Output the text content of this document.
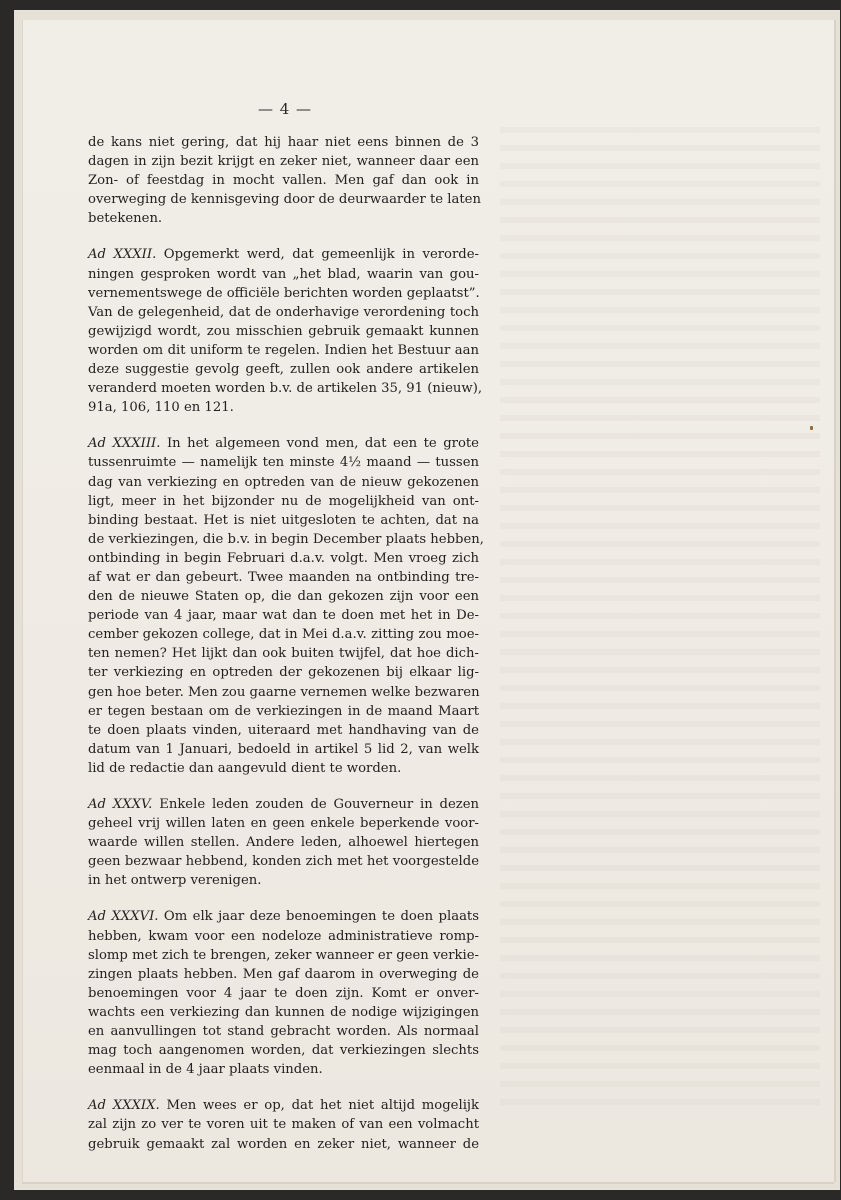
— 4 —

de kans niet gering, dat hij haar niet eens binnen de 3
dagen in zijn bezit krijgt en zeker niet, wanneer daar een
Zon- of feestdag in mocht vallen. Men gaf dan ook in
overweging de kennisgeving door de deurwaarder te laten
betekenen.

Ad XXXII. Opgemerkt werd, dat gemeenlijk in verorde-
ningen gesproken wordt van „het blad, waarin van gou-
vernementswege de officiële berichten worden geplaatst”.
Van de gelegenheid, dat de onderhavige verordening toch
gewijzigd wordt, zou misschien gebruik gemaakt kunnen
worden om dit uniform te regelen. Indien het Bestuur aan
deze suggestie gevolg geeft, zullen ook andere artikelen
veranderd moeten worden b.v. de artikelen 35, 91 (nieuw),
91a, 106, 110 en 121.

Ad XXXIII. In het algemeen vond men, dat een te grote
tussenruimte — namelijk ten minste 4½ maand — tussen
dag van verkiezing en optreden van de nieuw gekozenen
ligt, meer in het bijzonder nu de mogelijkheid van ont-
binding bestaat. Het is niet uitgesloten te achten, dat na
de verkiezingen, die b.v. in begin December plaats hebben,
ontbinding in begin Februari d.a.v. volgt. Men vroeg zich
af wat er dan gebeurt. Twee maanden na ontbinding tre-
den de nieuwe Staten op, die dan gekozen zijn voor een
periode van 4 jaar, maar wat dan te doen met het in De-
cember gekozen college, dat in Mei d.a.v. zitting zou moe-
ten nemen? Het lijkt dan ook buiten twijfel, dat hoe dich-
ter verkiezing en optreden der gekozenen bij elkaar lig-
gen hoe beter. Men zou gaarne vernemen welke bezwaren
er tegen bestaan om de verkiezingen in de maand Maart
te doen plaats vinden, uiteraard met handhaving van de
datum van 1 Januari, bedoeld in artikel 5 lid 2, van welk
lid de redactie dan aangevuld dient te worden.

Ad XXXV. Enkele leden zouden de Gouverneur in dezen
geheel vrij willen laten en geen enkele beperkende voor-
waarde willen stellen. Andere leden, alhoewel hiertegen
geen bezwaar hebbend, konden zich met het voorgestelde
in het ontwerp verenigen.

Ad XXXVI. Om elk jaar deze benoemingen te doen plaats
hebben, kwam voor een nodeloze administratieve romp-
slomp met zich te brengen, zeker wanneer er geen verkie-
zingen plaats hebben. Men gaf daarom in overweging de
benoemingen voor 4 jaar te doen zijn. Komt er onver-
wachts een verkiezing dan kunnen de nodige wijzigingen
en aanvullingen tot stand gebracht worden. Als normaal
mag toch aangenomen worden, dat verkiezingen slechts
eenmaal in de 4 jaar plaats vinden.

Ad XXXIX. Men wees er op, dat het niet altijd mogelijk
zal zijn zo ver te voren uit te maken of van een volmacht
gebruik gemaakt zal worden en zeker niet, wanneer de
